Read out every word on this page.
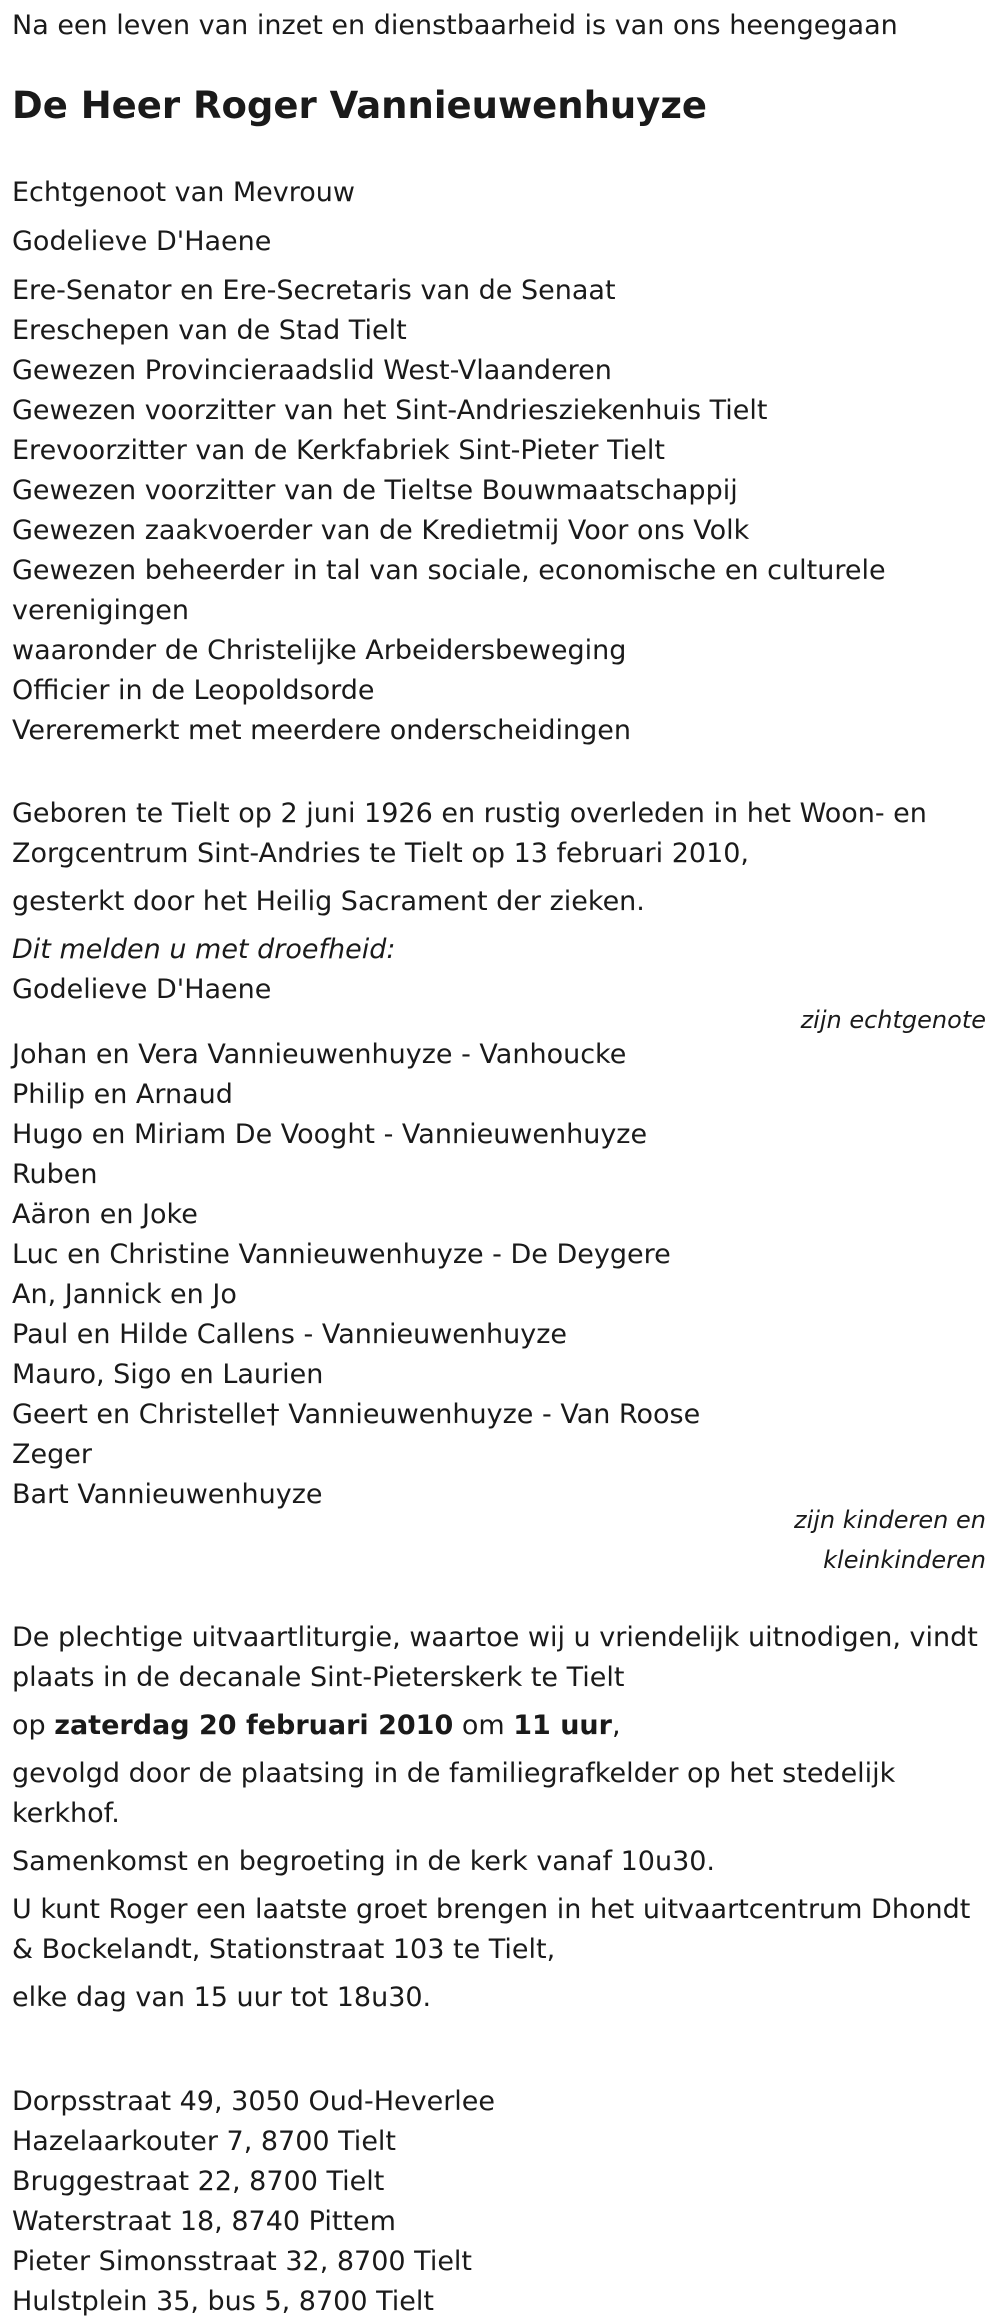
Na een leven van inzet en dienstbaarheid is van ons heengegaan
De Heer Roger Vannieuwenhuyze
Echtgenoot van Mevrouw
Godelieve D'Haene
Ere-Senator en Ere-Secretaris van de Senaat
Ereschepen van de Stad Tielt
Gewezen Provincieraadslid West-Vlaanderen
Gewezen voorzitter van het Sint-Andriesziekenhuis Tielt
Erevoorzitter van de Kerkfabriek Sint-Pieter Tielt
Gewezen voorzitter van de Tieltse Bouwmaatschappij
Gewezen zaakvoerder van de Kredietmij Voor ons Volk
Gewezen beheerder in tal van sociale, economische en culturele
verenigingen
waaronder de Christelijke Arbeidersbeweging
Officier in de Leopoldsorde
Vereremerkt met meerdere onderscheidingen
Geboren te Tielt op 2 juni 1926 en rustig overleden in het Woon- en
Zorgcentrum Sint-Andries te Tielt op 13 februari 2010,
gesterkt door het Heilig Sacrament der zieken.
Dit melden u met droefheid:
Godelieve D'Haene
zijn echtgenote
Johan en Vera Vannieuwenhuyze - Vanhoucke
Philip en Arnaud
Hugo en Miriam De Vooght - Vannieuwenhuyze
Ruben
Aäron en Joke
Luc en Christine Vannieuwenhuyze - De Deygere
An, Jannick en Jo
Paul en Hilde Callens - Vannieuwenhuyze
Mauro, Sigo en Laurien
Geert en Christelle† Vannieuwenhuyze - Van Roose
Zeger
Bart Vannieuwenhuyze
zijn kinderen en
kleinkinderen
De plechtige uitvaartliturgie, waartoe wij u vriendelijk uitnodigen, vindt
plaats in de decanale Sint-Pieterskerk te Tielt
op zaterdag 20 februari 2010 om 11 uur,
gevolgd door de plaatsing in de familiegrafkelder op het stedelijk
kerkhof.
Samenkomst en begroeting in de kerk vanaf 10u30.
U kunt Roger een laatste groet brengen in het uitvaartcentrum Dhondt
& Bockelandt, Stationstraat 103 te Tielt,
elke dag van 15 uur tot 18u30.
Dorpsstraat 49, 3050 Oud-Heverlee
Hazelaarkouter 7, 8700 Tielt
Bruggestraat 22, 8700 Tielt
Waterstraat 18, 8740 Pittem
Pieter Simonsstraat 32, 8700 Tielt
Hulstplein 35, bus 5, 8700 Tielt
